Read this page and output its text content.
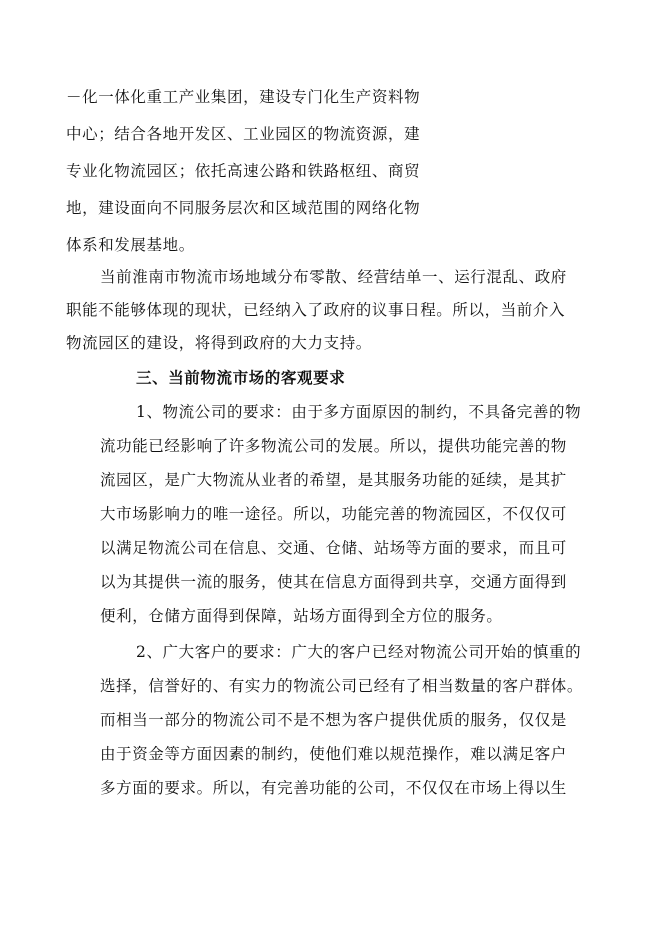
－化一体化重工产业集团，建设专门化生产资料物
中心；结合各地开发区、工业园区的物流资源，建
专业化物流园区；依托高速公路和铁路枢纽、商贸
地，建设面向不同服务层次和区域范围的网络化物
体系和发展基地。
当前淮南市物流市场地域分布零散、经营结单一、运行混乱、政府
职能不能够体现的现状，已经纳入了政府的议事日程。所以，当前介入
物流园区的建设，将得到政府的大力支持。
三、当前物流市场的客观要求
1、物流公司的要求：由于多方面原因的制约，不具备完善的物
流功能已经影响了许多物流公司的发展。所以，提供功能完善的物
流园区，是广大物流从业者的希望，是其服务功能的延续，是其扩
大市场影响力的唯一途径。所以，功能完善的物流园区，不仅仅可
以满足物流公司在信息、交通、仓储、站场等方面的要求，而且可
以为其提供一流的服务，使其在信息方面得到共享，交通方面得到
便利，仓储方面得到保障，站场方面得到全方位的服务。
2、广大客户的要求：广大的客户已经对物流公司开始的慎重的
选择，信誉好的、有实力的物流公司已经有了相当数量的客户群体。
而相当一部分的物流公司不是不想为客户提供优质的服务，仅仅是
由于资金等方面因素的制约，使他们难以规范操作，难以满足客户
多方面的要求。所以，有完善功能的公司，不仅仅在市场上得以生
